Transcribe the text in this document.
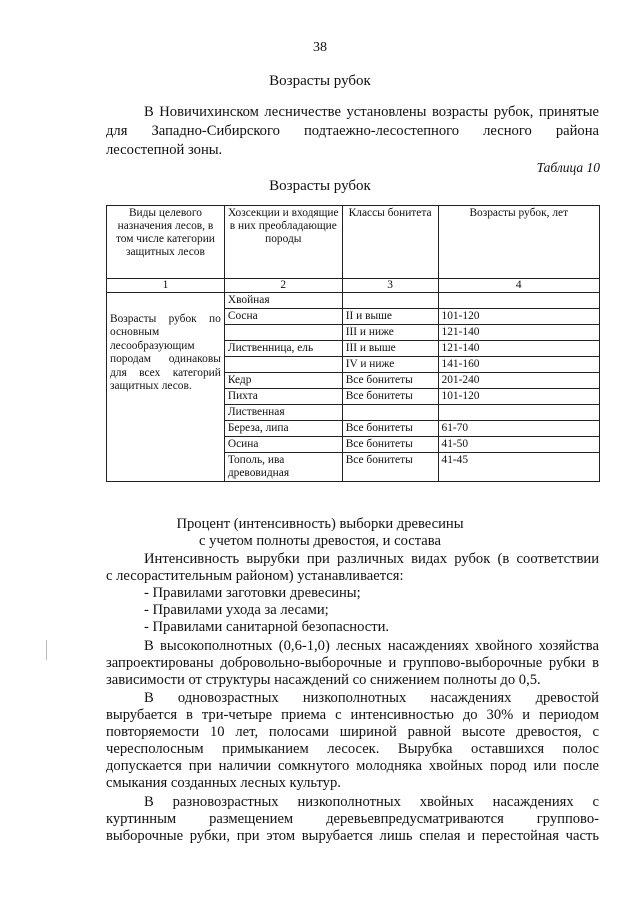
38
Возрасты рубок
В Новичихинском лесничестве установлены возрасты рубок, принятые
для Западно-Сибирского подтаежно-лесостепного лесного района
лесостепной зоны.
Таблица 10
Возрасты рубок
Виды целевого назначения лесов, в том числе категории защитных лесов	Хозсекции и входящие в них преобладающие породы	Классы бонитета	Возрасты рубок, лет
1	2	3	4
	Хвойная		
Возрасты рубок по основным лесообразующим породам одинаковы для всех категорий защитных лесов.	Сосна	II и выше	101-120
		III и ниже	121-140
	Лиственница, ель	III и выше	121-140
		IV и ниже	141-160
	Кедр	Все бонитеты	201-240
	Пихта	Все бонитеты	101-120
	Лиственная		
	Береза, липа	Все бонитеты	61-70
	Осина	Все бонитеты	41-50
	Тополь, ива древовидная	Все бонитеты	41-45
Процент (интенсивность) выборки древесины
с учетом полноты древостоя, и состава
Интенсивность вырубки при различных видах рубок (в соответствии
с лесорастительным районом) устанавливается:
- Правилами заготовки древесины;
- Правилами ухода за лесами;
- Правилами санитарной безопасности.
В высокополнотных (0,6-1,0) лесных насаждениях хвойного хозяйства
запроектированы добровольно-выборочные и группово-выборочные рубки в
зависимости от структуры насаждений со снижением полноты до 0,5.
В одновозрастных низкополнотных насаждениях древостой
вырубается в три-четыре приема с интенсивностью до 30% и периодом
повторяемости 10 лет, полосами шириной равной высоте древостоя, с
чересполосным примыканием лесосек. Вырубка оставшихся полос
допускается при наличии сомкнутого молодняка хвойных пород или после
смыкания созданных лесных культур.
В разновозрастных низкополнотных хвойных насаждениях с
куртинным размещением деревьевпредусматриваются группово-
выборочные рубки, при этом вырубается лишь спелая и перестойная часть
